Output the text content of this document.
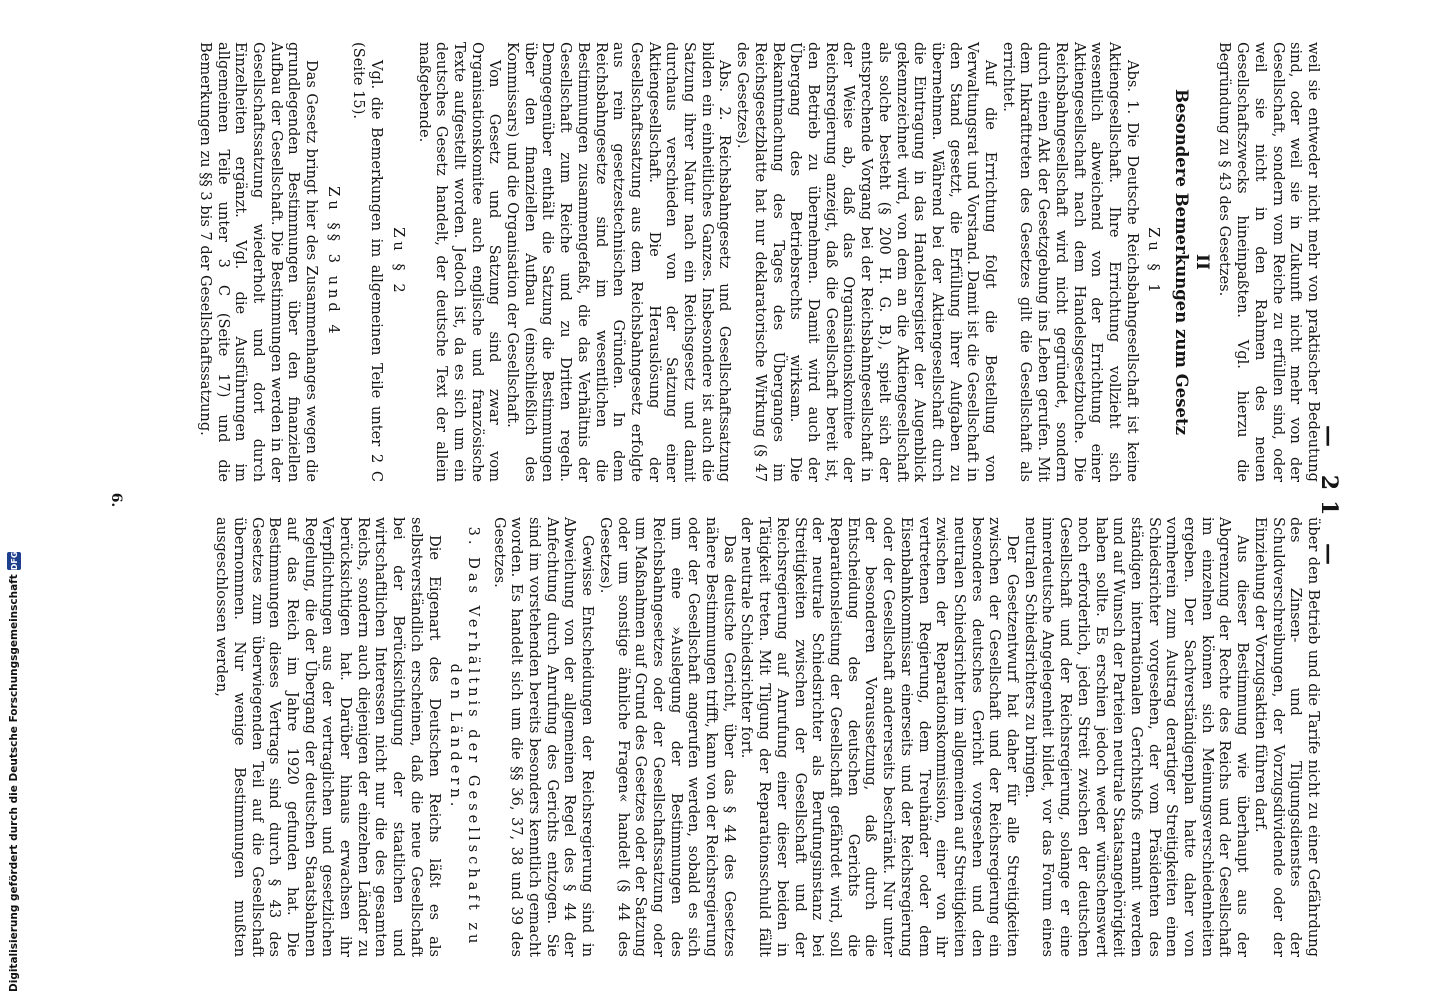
— 21 —

weil sie entweder nicht mehr von praktischer Bedeutung sind, oder weil sie in Zukunft nicht mehr von der Gesellschaft, sondern vom Reiche zu erfüllen sind, oder weil sie nicht in den Rahmen des neuen Gesellschaftszwecks hineinpaßten. Vgl. hierzu die Begründung zu § 43 des Gesetzes.

II

Besondere Bemerkungen zum Gesetz

Zu § 1

Abs. 1. Die Deutsche Reichsbahngesellschaft ist keine Aktiengesellschaft. Ihre Errichtung vollzieht sich wesentlich abweichend von der Errichtung einer Aktiengesellschaft nach dem Handelsgesetzbuche. Die Reichsbahngesellschaft wird nicht gegründet, sondern durch einen Akt der Gesetzgebung ins Leben gerufen. Mit dem Inkrafttreten des Gesetzes gilt die Gesellschaft als errichtet.

Auf die Errichtung folgt die Bestellung von Verwaltungsrat und Vorstand. Damit ist die Gesellschaft in den Stand gesetzt, die Erfüllung ihrer Aufgaben zu übernehmen. Während bei der Aktiengesellschaft durch die Eintragung in das Handelsregister der Augenblick gekennzeichnet wird, von dem an die Aktiengesellschaft als solche besteht (§ 200 H. G. B.), spielt sich der entsprechende Vorgang bei der Reichsbahngesellschaft in der Weise ab, daß das Organisationskomitee der Reichsregierung anzeigt, daß die Gesellschaft bereit ist, den Betrieb zu übernehmen. Damit wird auch der Übergang des Betriebsrechts wirksam. Die Bekanntmachung des Tages des Überganges im Reichsgesetzblatte hat nur deklaratorische Wirkung (§ 47 des Gesetzes).

Abs. 2. Reichsbahngesetz und Gesellschaftssatzung bilden ein einheitliches Ganzes. Insbesondere ist auch die Satzung ihrer Natur nach ein Reichsgesetz und damit durchaus verschieden von der Satzung einer Aktiengesellschaft. Die Herauslösung der Gesellschaftssatzung aus dem Reichsbahngesetz erfolgte aus rein gesetzestechnischen Gründen. In dem Reichsbahngesetze sind im wesentlichen die Bestimmungen zusammengefaßt, die das Verhältnis der Gesellschaft zum Reiche und zu Dritten regeln. Demgegenüber enthält die Satzung die Bestimmungen über den finanziellen Aufbau (einschließlich des Kommissars) und die Organisation der Gesellschaft.

Von Gesetz und Satzung sind zwar vom Organisationskomitee auch englische und französische Texte aufgestellt worden. Jedoch ist, da es sich um ein deutsches Gesetz handelt, der deutsche Text der allein maßgebende.

Zu § 2

Vgl. die Bemerkungen im allgemeinen Teile unter 2 C (Seite 15).

Zu §§ 3 und 4

Das Gesetz bringt hier des Zusammenhanges wegen die grundlegenden Bestimmungen über den finanziellen Aufbau der Gesellschaft. Die Bestimmungen werden in der Gesellschaftssatzung wiederholt und dort durch Einzelheiten ergänzt. Vgl. die Ausführungen im allgemeinen Teile unter 3 C (Seite 17) und die Bemerkungen zu §§ 3 bis 7 der Gesellschaftssatzung.

über den Betrieb und die Tarife nicht zu einer Gefährdung des Zinsen- und Tilgungsdienstes der Schuldverschreibungen, der Vorzugsdividende oder der Einziehung der Vorzugsaktien führen darf.

Aus dieser Bestimmung wie überhaupt aus der Abgrenzung der Rechte des Reichs und der Gesellschaft im einzelnen können sich Meinungsverschiedenheiten ergeben. Der Sachverständigenplan hatte daher von vornherein zum Austrag derartiger Streitigkeiten einen Schiedsrichter vorgesehen, der vom Präsidenten des ständigen internationalen Gerichtshofs ernannt werden und auf Wunsch der Parteien neutrale Staatsangehörigkeit haben sollte. Es erschien jedoch weder wünschenswert noch erforderlich, jeden Streit zwischen der deutschen Gesellschaft und der Reichsregierung, solange er eine innerdeutsche Angelegenheit bildet, vor das Forum eines neutralen Schiedsrichters zu bringen.

Der Gesetzentwurf hat daher für alle Streitigkeiten zwischen der Gesellschaft und der Reichsregierung ein besonderes deutsches Gericht vorgesehen und den neutralen Schiedsrichter im allgemeinen auf Streitigkeiten zwischen der Reparationskommission, einer von ihr vertretenen Regierung, dem Treuhänder oder dem Eisenbahnkommissar einerseits und der Reichsregierung oder der Gesellschaft andererseits beschränkt. Nur unter der besonderen Voraussetzung, daß durch die Entscheidung des deutschen Gerichts die Reparationsleistung der Gesellschaft gefährdet wird, soll der neutrale Schiedsrichter als Berufungsinstanz bei Streitigkeiten zwischen der Gesellschaft und der Reichsregierung auf Anrufung einer dieser beiden in Tätigkeit treten. Mit Tilgung der Reparationsschuld fällt der neutrale Schiedsrichter fort.

Das deutsche Gericht, über das § 44 des Gesetzes nähere Bestimmungen trifft, kann von der Reichsregierung oder der Gesellschaft angerufen werden, sobald es sich um eine »Auslegung der Bestimmungen des Reichsbahngesetzes oder der Gesellschaftssatzung oder um Maßnahmen auf Grund des Gesetzes oder der Satzung oder um sonstige ähnliche Fragen« handelt (§ 44 des Gesetzes).

Gewisse Entscheidungen der Reichsregierung sind in Abweichung von der allgemeinen Regel des § 44 der Anfechtung durch Anrufung des Gerichts entzogen. Sie sind im vorstehenden bereits besonders kenntlich gemacht worden. Es handelt sich um die §§ 36, 37, 38 und 39 des Gesetzes.

3. Das Verhältnis der Gesellschaft zu den Ländern.

Die Eigenart des Deutschen Reichs läßt es als selbstverständlich erscheinen, daß die neue Gesellschaft bei der Berücksichtigung der staatlichen und wirtschaftlichen Interessen nicht nur die des gesamten Reichs, sondern auch diejenigen der einzelnen Länder zu berücksichtigen hat. Darüber hinaus erwachsen ihr Verpflichtungen aus der vertraglichen und gesetzlichen Regelung, die der Übergang der deutschen Staatsbahnen auf das Reich im Jahre 1920 gefunden hat. Die Bestimmungen dieses Vertrags sind durch § 43 des Gesetzes zum überwiegenden Teil auf die Gesellschaft übernommen. Nur wenige Bestimmungen mußten ausgeschlossen werden,

6.
Digitalisierung gefördert durch die Deutsche Forschungsgemeinschaft
DFG
